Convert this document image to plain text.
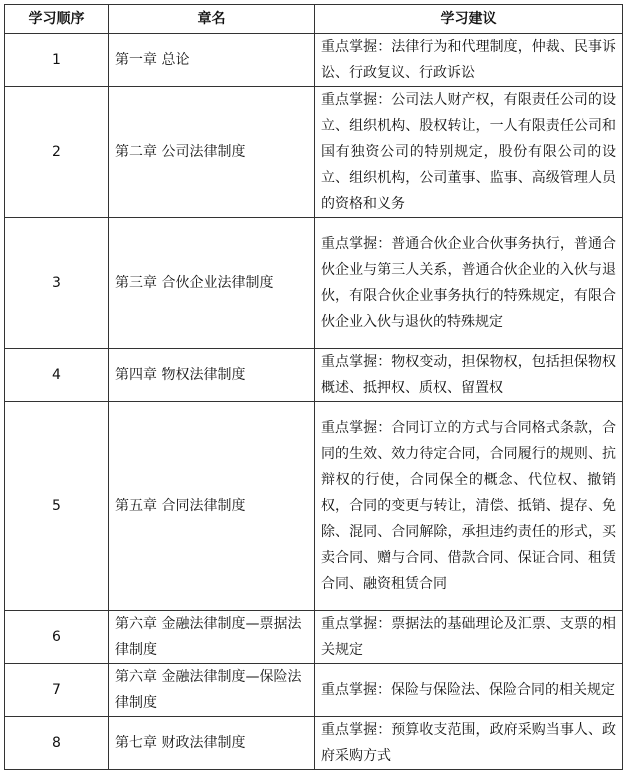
学习顺序	章名	学习建议
1	第一章 总论	重点掌握：法律行为和代理制度，仲裁、民事诉讼、行政复议、行政诉讼
2	第二章 公司法律制度	重点掌握：公司法人财产权，有限责任公司的设立、组织机构、股权转让，一人有限责任公司和国有独资公司的特别规定，股份有限公司的设立、组织机构，公司董事、监事、高级管理人员的资格和义务
3	第三章 合伙企业法律制度	重点掌握：普通合伙企业合伙事务执行，普通合伙企业与第三人关系，普通合伙企业的入伙与退伙，有限合伙企业事务执行的特殊规定，有限合伙企业入伙与退伙的特殊规定
4	第四章 物权法律制度	重点掌握：物权变动，担保物权，包括担保物权概述、抵押权、质权、留置权
5	第五章 合同法律制度	重点掌握：合同订立的方式与合同格式条款，合同的生效、效力待定合同，合同履行的规则、抗辩权的行使，合同保全的概念、代位权、撤销权，合同的变更与转让，清偿、抵销、提存、免除、混同、合同解除，承担违约责任的形式，买卖合同、赠与合同、借款合同、保证合同、租赁合同、融资租赁合同
6	第六章 金融法律制度—票据法律制度	重点掌握：票据法的基础理论及汇票、支票的相关规定
7	第六章 金融法律制度—保险法律制度	重点掌握：保险与保险法、保险合同的相关规定
8	第七章 财政法律制度	重点掌握：预算收支范围，政府采购当事人、政府采购方式
